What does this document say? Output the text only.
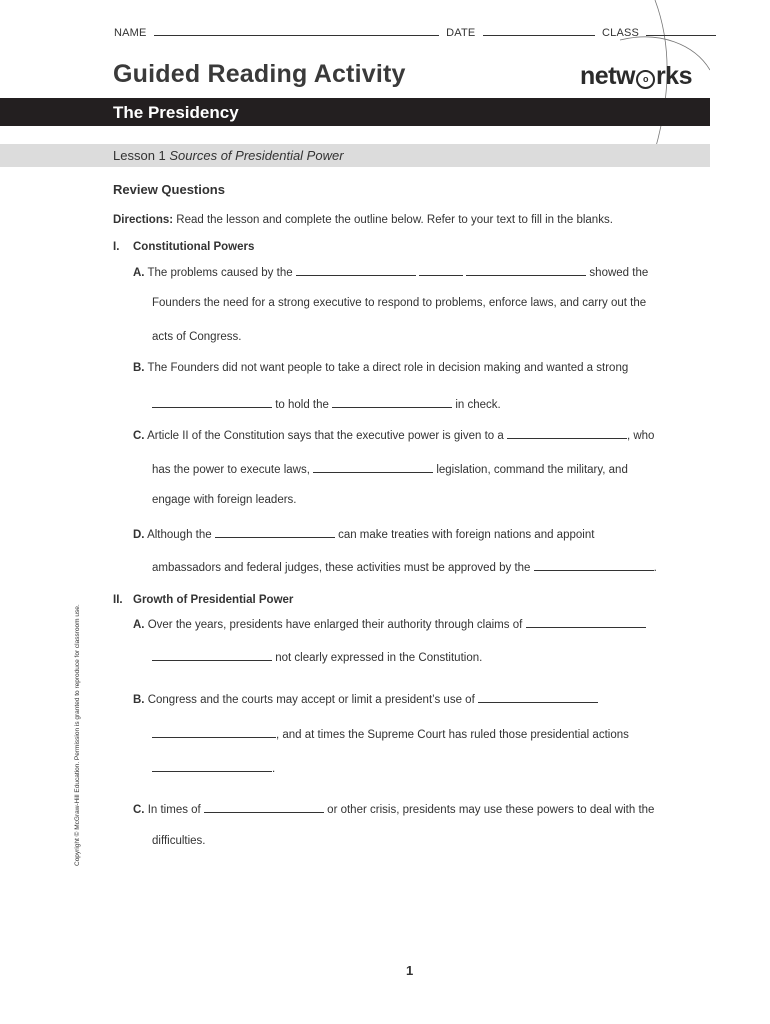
NAME	DATE	CLASS
Guided Reading Activity	netw o rks
The Presidency
Lesson 1 Sources of Presidential Power
Review Questions
Directions: Read the lesson and complete the outline below. Refer to your text to fill in the blanks.
I. Constitutional Powers
A. The problems caused by the	showed the
Founders the need for a strong executive to respond to problems, enforce laws, and carry out the
acts of Congress.
B. The Founders did not want people to take a direct role in decision making and wanted a strong
to hold the	in check.
C. Article II of the Constitution says that the executive power is given to a	, who
has the power to execute laws,	legislation, command the military, and
engage with foreign leaders.
D. Although the	can make treaties with foreign nations and appoint
ambassadors and federal judges, these activities must be approved by the	.
II. Growth of Presidential Power
A. Over the years, presidents have enlarged their authority through claims of
not clearly expressed in the Constitution.
B. Congress and the courts may accept or limit a president’s use of
, and at times the Supreme Court has ruled those presidential actions
.
C. In times of	or other crisis, presidents may use these powers to deal with the
difficulties.
Copyright © McGraw-Hill Education. Permission is granted to reproduce for classroom use.
1
